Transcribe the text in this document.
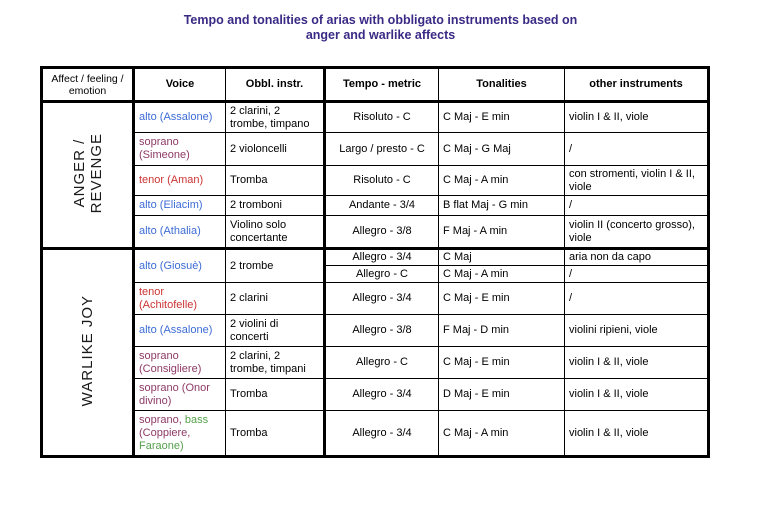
Tempo and tonalities of arias with obbligato instruments based on
anger and warlike affects
Affect / feeling / emotion	Voice	Obbl. instr.	Tempo - metric	Tonalities	other instruments

ANGER / REVENGE	alto (Assalone)	2 clarini, 2 trombe, timpano	Risoluto - C	C Maj - E min	violin I & II, viole
	soprano (Simeone)	2 violoncelli	Largo / presto - C	C Maj - G Maj	/
	tenor (Aman)	Tromba	Risoluto - C	C Maj - A min	con stromenti, violin I & II, viole
	alto (Eliacim)	2 tromboni	Andante - 3/4	B flat Maj - G min	/
	alto (Athalia)	Violino solo concertante	Allegro - 3/8	F Maj - A min	violin II (concerto grosso), viole

WARLIKE JOY	alto (Giosuè)	2 trombe	Allegro - 3/4	C Maj	aria non da capo
			Allegro - C	C Maj - A min	/
	tenor (Achitofelle)	2 clarini	Allegro - 3/4	C Maj - E min	/
	alto (Assalone)	2 violini di concerti	Allegro - 3/8	F Maj - D min	violini ripieni, viole
	soprano (Consigliere)	2 clarini, 2 trombe, timpani	Allegro - C	C Maj - E min	violin I & II, viole
	soprano (Onor divino)	Tromba	Allegro - 3/4	D Maj - E min	violin I & II, viole
	soprano, bass (Coppiere, Faraone)	Tromba	Allegro - 3/4	C Maj - A min	violin I & II, viole
